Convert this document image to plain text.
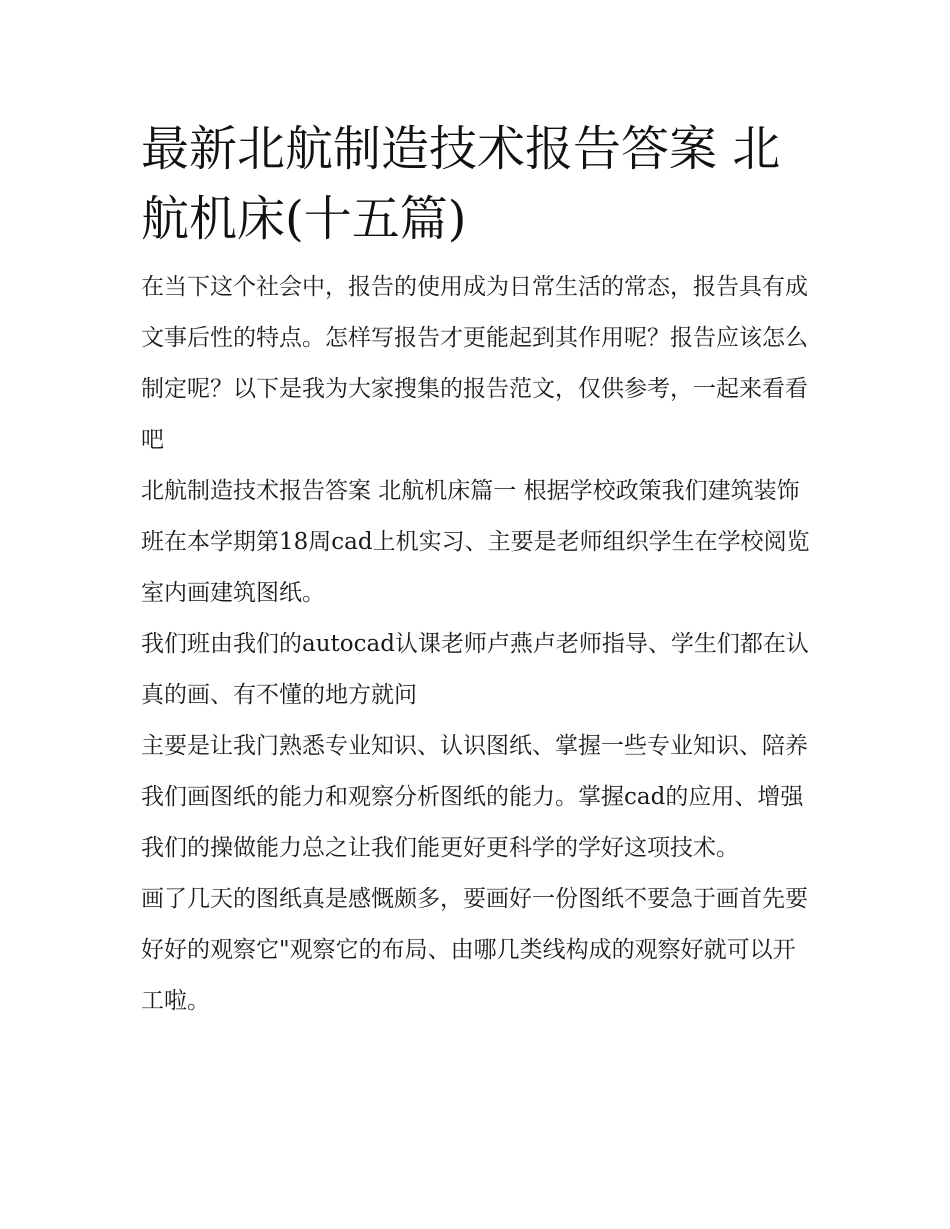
最新北航制造技术报告答案 北航机床(十五篇)

在当下这个社会中，报告的使用成为日常生活的常态，报告具有成文事后性的特点。怎样写报告才更能起到其作用呢？报告应该怎么制定呢？以下是我为大家搜集的报告范文，仅供参考，一起来看看吧

北航制造技术报告答案 北航机床篇一 根据学校政策我们建筑装饰班在本学期第18周cad上机实习、主要是老师组织学生在学校阅览室内画建筑图纸。

我们班由我们的autocad认课老师卢燕卢老师指导、学生们都在认真的画、有不懂的地方就问

主要是让我门熟悉专业知识、认识图纸、掌握一些专业知识、陪养我们画图纸的能力和观察分析图纸的能力。掌握cad的应用、增强我们的操做能力总之让我们能更好更科学的学好这项技术。

画了几天的图纸真是感慨颇多，要画好一份图纸不要急于画首先要好好的观察它"观察它的布局、由哪几类线构成的观察好就可以开工啦。
